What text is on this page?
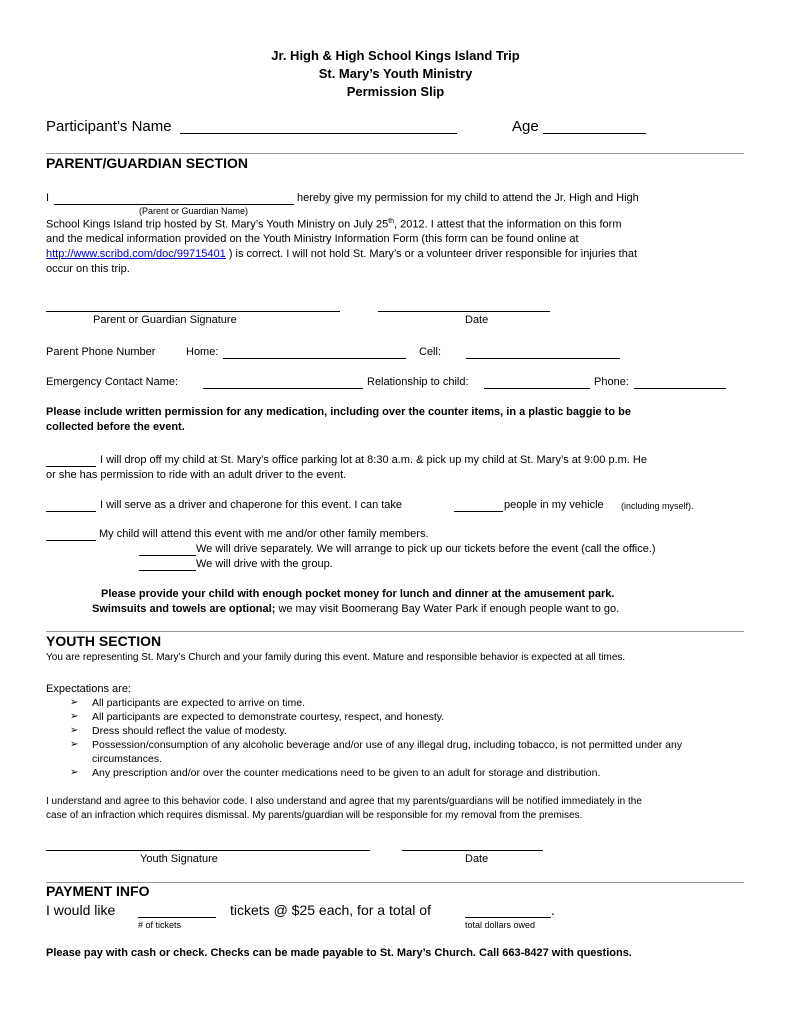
Jr. High & High School Kings Island Trip
St. Mary’s Youth Ministry
Permission Slip
Participant’s Name	Age
PARENT/GUARDIAN SECTION
I	hereby give my permission for my child to attend the Jr. High and High
(Parent or Guardian Name)
School Kings Island trip hosted by St. Mary’s Youth Ministry on July 25th, 2012. I attest that the information on this form
and the medical information provided on the Youth Ministry Information Form (this form can be found online at
http://www.scribd.com/doc/99715401 ) is correct. I will not hold St. Mary’s or a volunteer driver responsible for injuries that
occur on this trip.
Parent or Guardian Signature	Date
Parent Phone Number	Home:	Cell:
Emergency Contact Name:	Relationship to child:	Phone:
Please include written permission for any medication, including over the counter items, in a plastic baggie to be
collected before the event.
I will drop off my child at St. Mary’s office parking lot at 8:30 a.m. & pick up my child at St. Mary’s at 9:00 p.m. He
or she has permission to ride with an adult driver to the event.
I will serve as a driver and chaperone for this event. I can take	people in my vehicle (including myself).
My child will attend this event with me and/or other family members.
We will drive separately. We will arrange to pick up our tickets before the event (call the office.)
We will drive with the group.
Please provide your child with enough pocket money for lunch and dinner at the amusement park.
Swimsuits and towels are optional; we may visit Boomerang Bay Water Park if enough people want to go.
YOUTH SECTION
You are representing St. Mary’s Church and your family during this event. Mature and responsible behavior is expected at all times.
Expectations are:
➢ All participants are expected to arrive on time.
➢ All participants are expected to demonstrate courtesy, respect, and honesty.
➢ Dress should reflect the value of modesty.
➢ Possession/consumption of any alcoholic beverage and/or use of any illegal drug, including tobacco, is not permitted under any circumstances.
➢ Any prescription and/or over the counter medications need to be given to an adult for storage and distribution.
I understand and agree to this behavior code. I also understand and agree that my parents/guardians will be notified immediately in the
case of an infraction which requires dismissal. My parents/guardian will be responsible for my removal from the premises.
Youth Signature	Date
PAYMENT INFO
I would like	tickets @ $25 each, for a total of	.
# of tickets	total dollars owed
Please pay with cash or check. Checks can be made payable to St. Mary’s Church. Call 663-8427 with questions.
